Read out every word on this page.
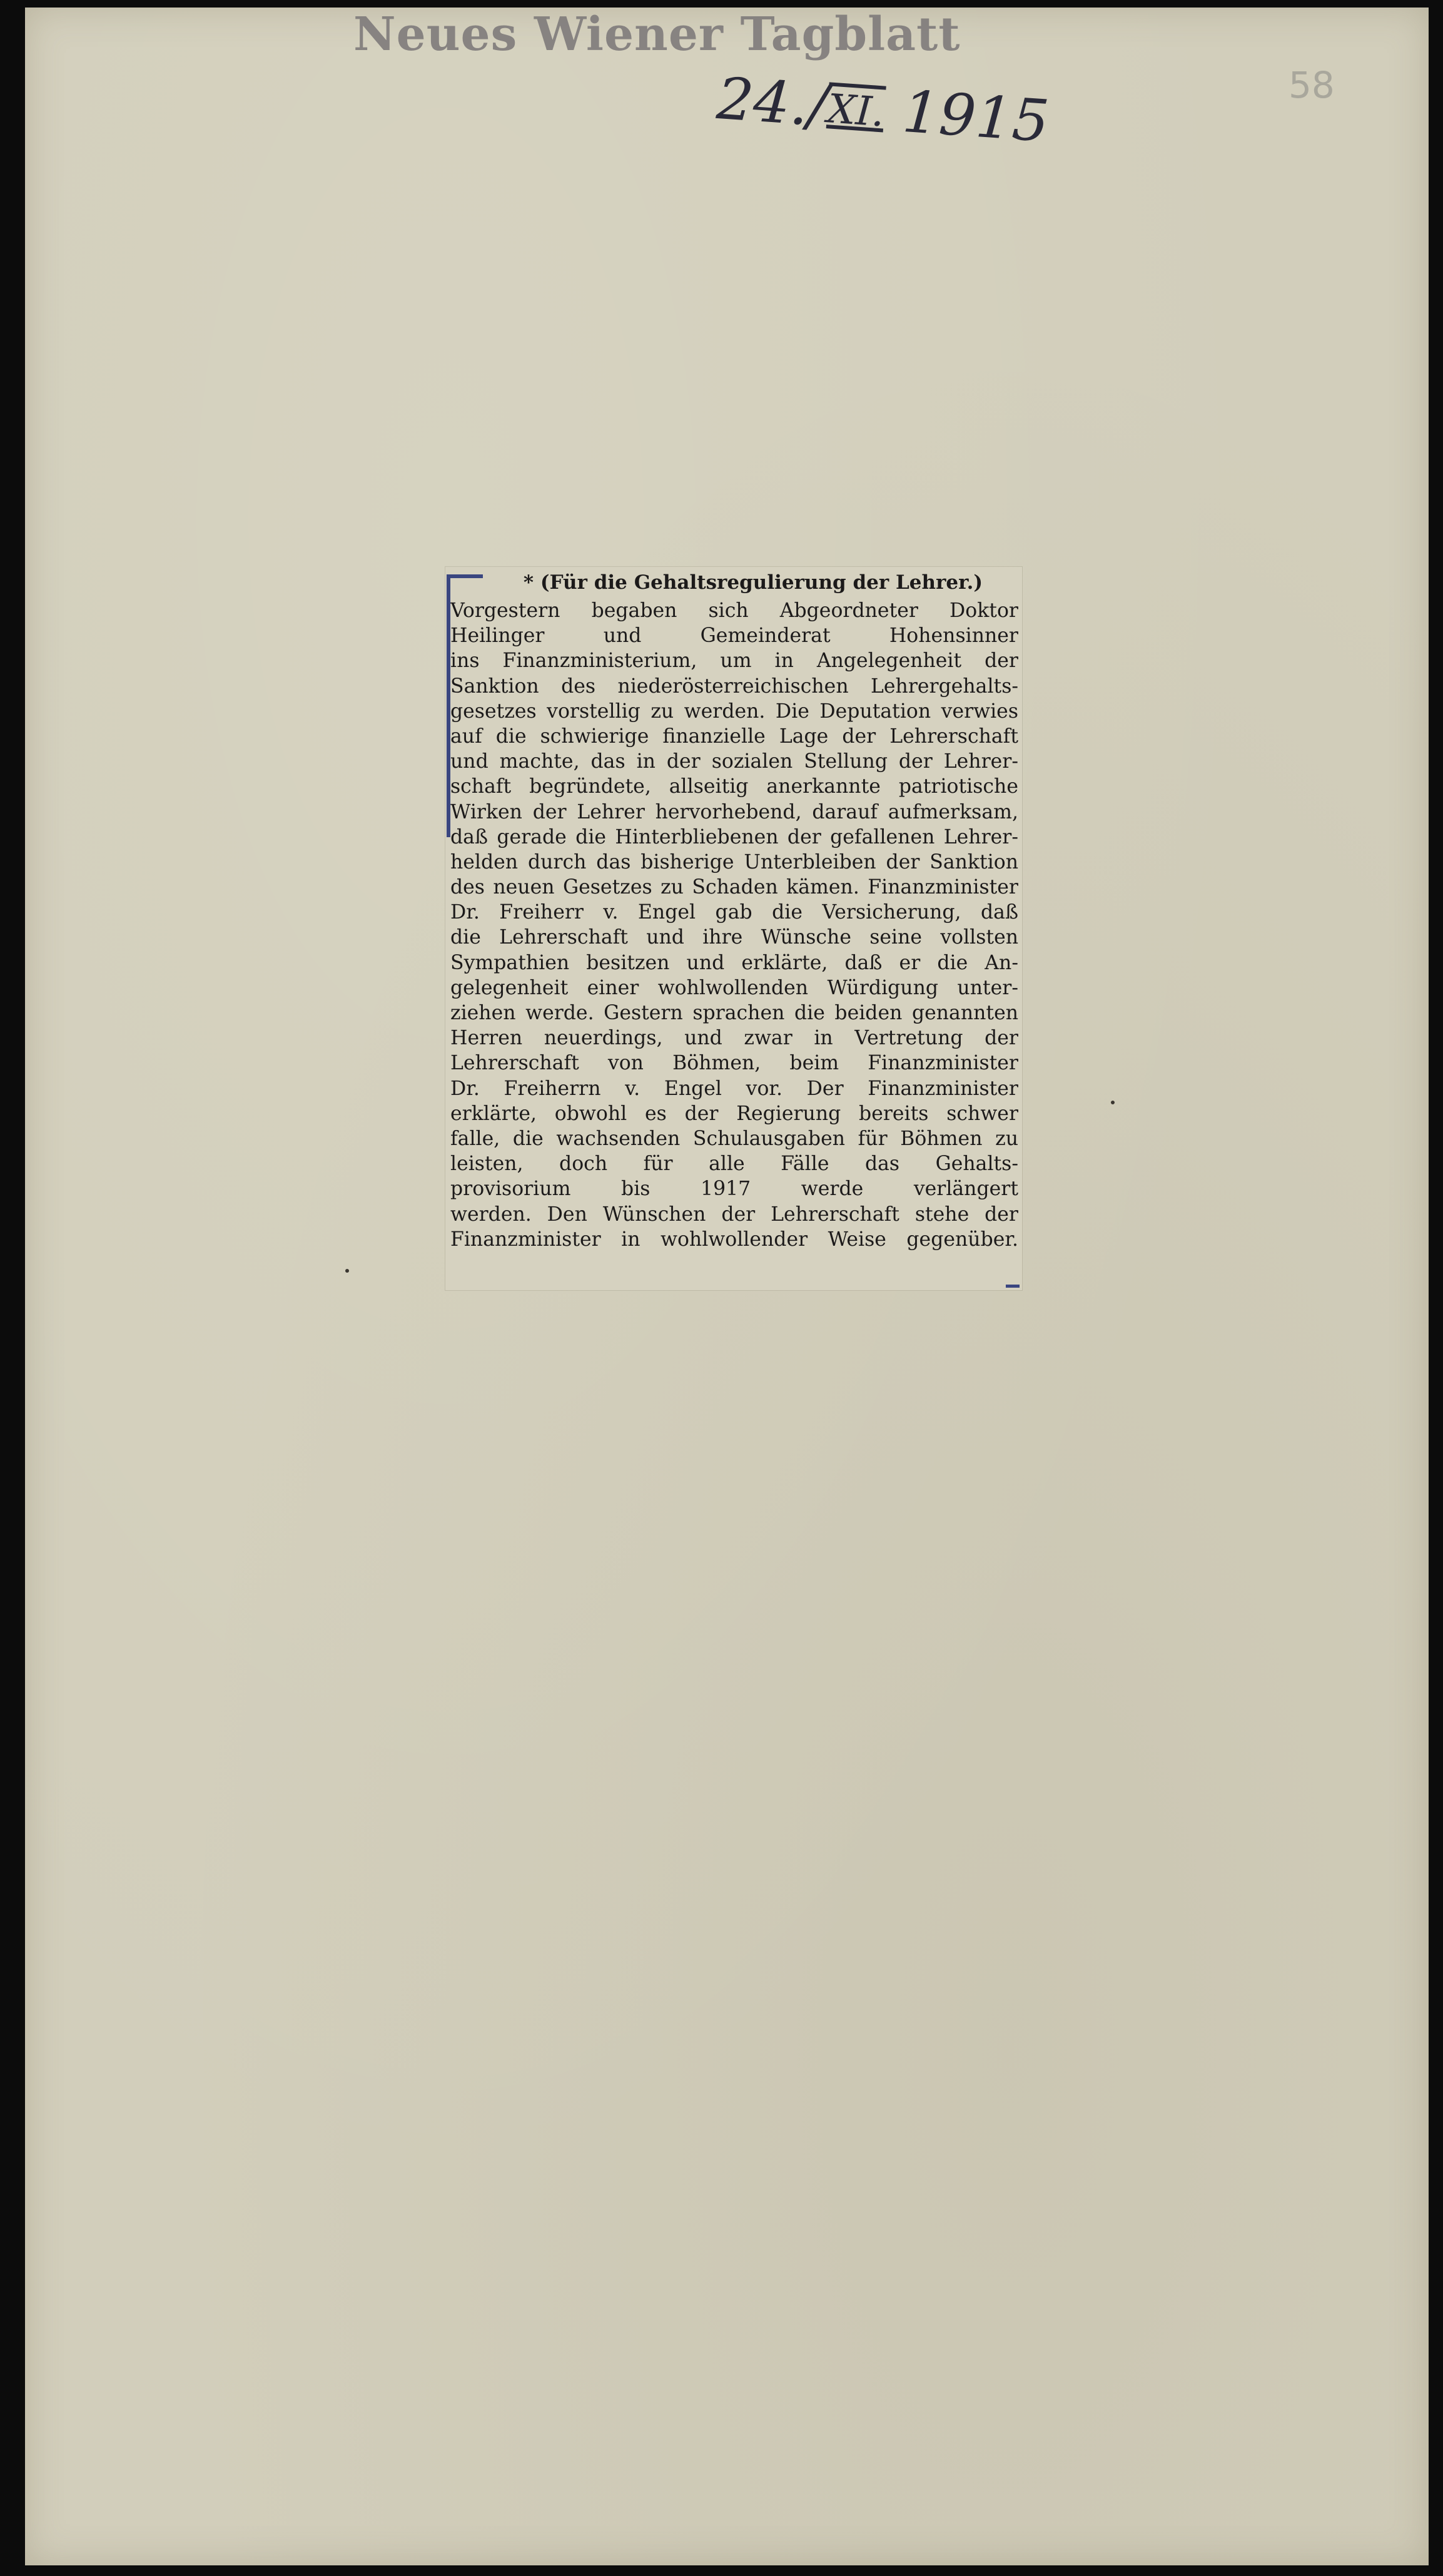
Neues Wiener Tagblatt
24./XI. 1915	58
* (Für die Gehaltsregulierung der Lehrer.)
Vorgestern begaben sich Abgeordneter Doktor
Heilinger und Gemeinderat Hohensinner
ins Finanzministerium, um in Angelegenheit der
Sanktion des niederösterreichischen Lehrergehalts-
gesetzes vorstellig zu werden. Die Deputation verwies
auf die schwierige finanzielle Lage der Lehrerschaft
und machte, das in der sozialen Stellung der Lehrer-
schaft begründete, allseitig anerkannte patriotische
Wirken der Lehrer hervorhebend, darauf aufmerksam,
daß gerade die Hinterbliebenen der gefallenen Lehrer-
helden durch das bisherige Unterbleiben der Sanktion
des neuen Gesetzes zu Schaden kämen. Finanzminister
Dr. Freiherr v. Engel gab die Versicherung, daß
die Lehrerschaft und ihre Wünsche seine vollsten
Sympathien besitzen und erklärte, daß er die An-
gelegenheit einer wohlwollenden Würdigung unter-
ziehen werde. Gestern sprachen die beiden genannten
Herren neuerdings, und zwar in Vertretung der
Lehrerschaft von Böhmen, beim Finanzminister
Dr. Freiherrn v. Engel vor. Der Finanzminister
erklärte, obwohl es der Regierung bereits schwer
falle, die wachsenden Schulausgaben für Böhmen zu
leisten, doch für alle Fälle das Gehalts-
provisorium bis 1917 werde verlängert
werden. Den Wünschen der Lehrerschaft stehe der
Finanzminister in wohlwollender Weise gegenüber.
